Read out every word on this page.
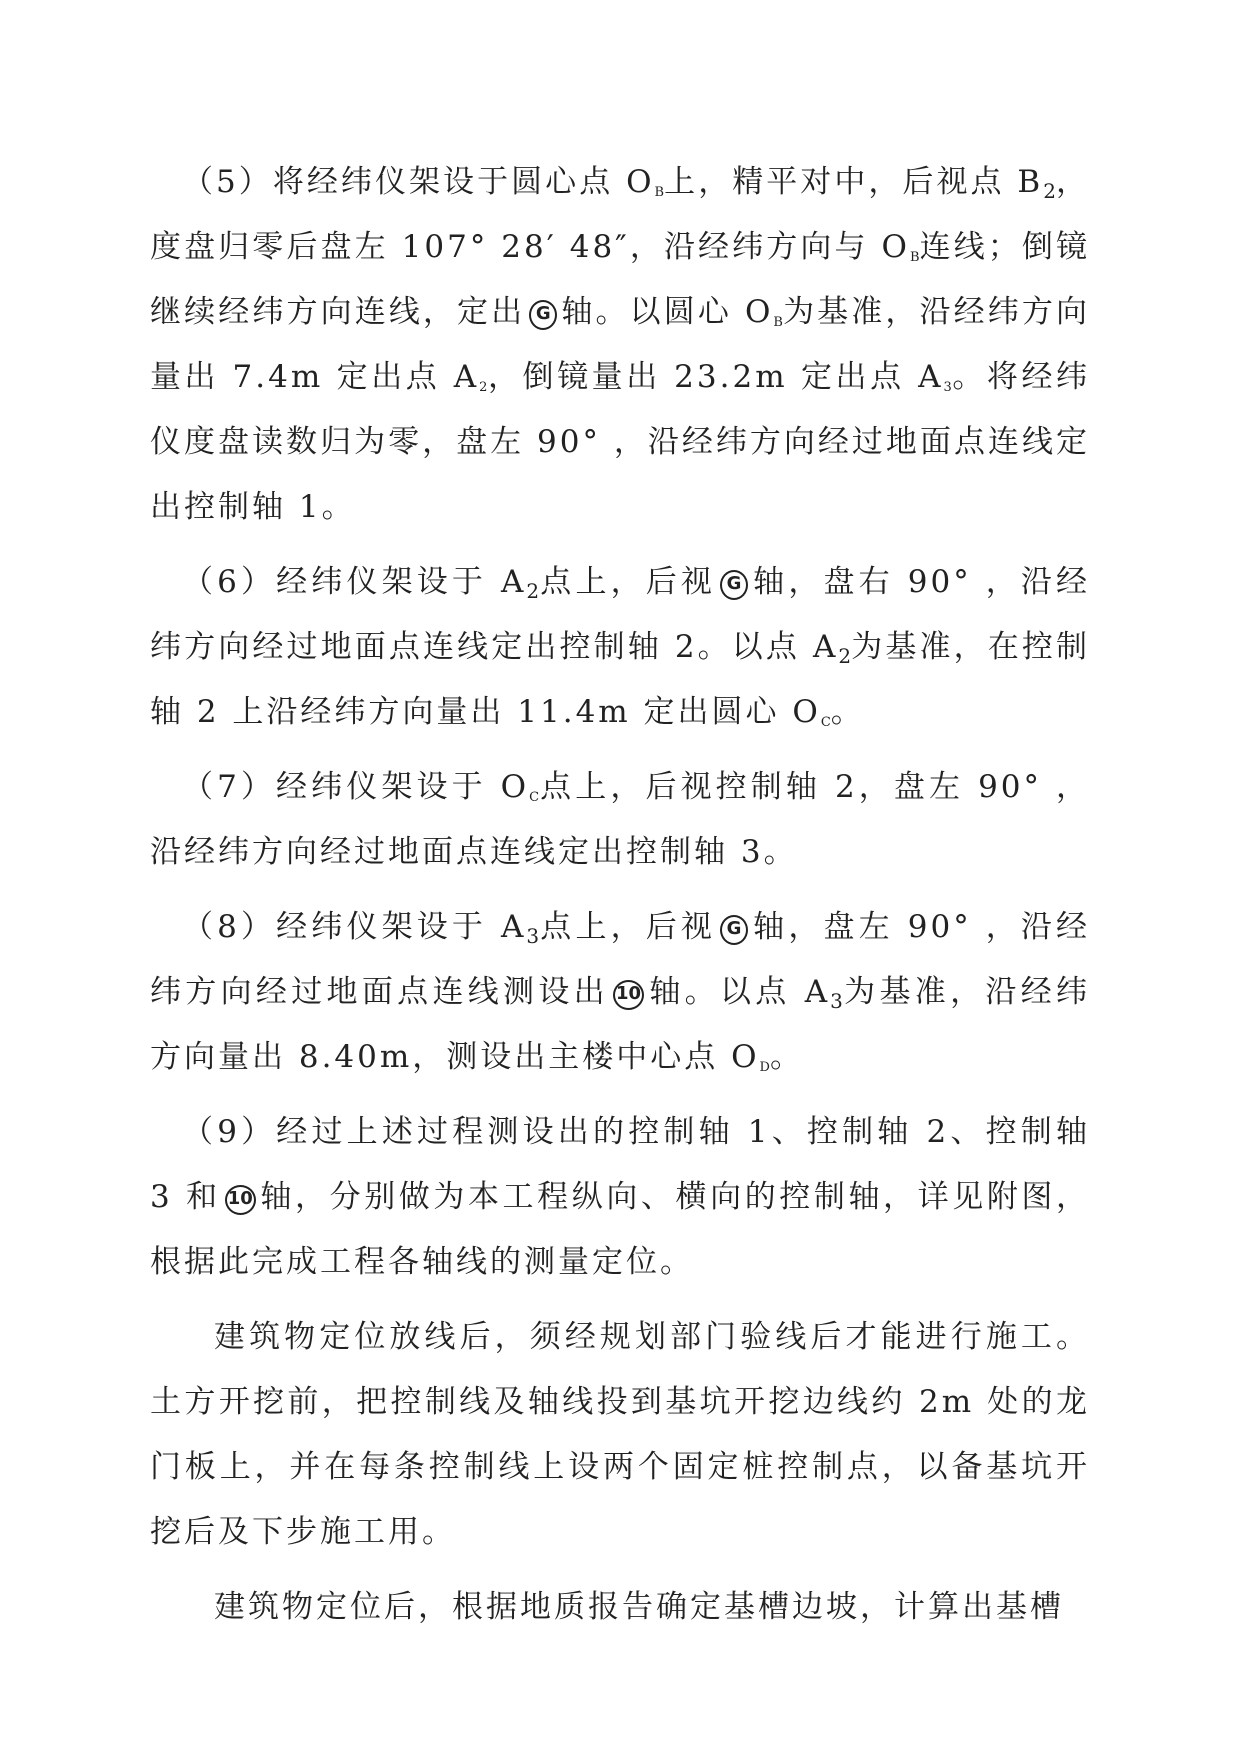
（5）将经纬仪架设于圆心点 $O_B$上，精平对中，后视点 $B_2$，度盘归零后盘左 107° 28′ 48″，沿经纬方向与 $O_B$连线；倒镜继续经纬方向连线，定出 G 轴。以圆心 $O_B$为基准，沿经纬方向量出 7.4m 定出点 $A_2$，倒镜量出 23.2m 定出点 $A_3$。将经纬仪度盘读数归为零，盘左 90° ，沿经纬方向经过地面点连线定出控制轴 1。

（6）经纬仪架设于 $A_2$点上，后视 G 轴，盘右 90° ，沿经纬方向经过地面点连线定出控制轴 2。以点 $A_2$为基准，在控制轴 2 上沿经纬方向量出 11.4m 定出圆心 $O_C$。

（7）经纬仪架设于 $O_C$点上，后视控制轴 2，盘左 90° ，沿经纬方向经过地面点连线定出控制轴 3。

（8）经纬仪架设于 $A_3$点上，后视 G 轴，盘左 90° ，沿经纬方向经过地面点连线测设出 10 轴。以点 $A_3$为基准，沿经纬方向量出 8.40m，测设出主楼中心点 $O_D$。

（9）经过上述过程测设出的控制轴 1、控制轴 2、控制轴 3 和 10 轴，分别做为本工程纵向、横向的控制轴，详见附图，根据此完成工程各轴线的测量定位。

建筑物定位放线后，须经规划部门验线后才能进行施工。土方开挖前，把控制线及轴线投到基坑开挖边线约 2m 处的龙门板上，并在每条控制线上设两个固定桩控制点，以备基坑开挖后及下步施工用。

建筑物定位后，根据地质报告确定基槽边坡，计算出基槽
